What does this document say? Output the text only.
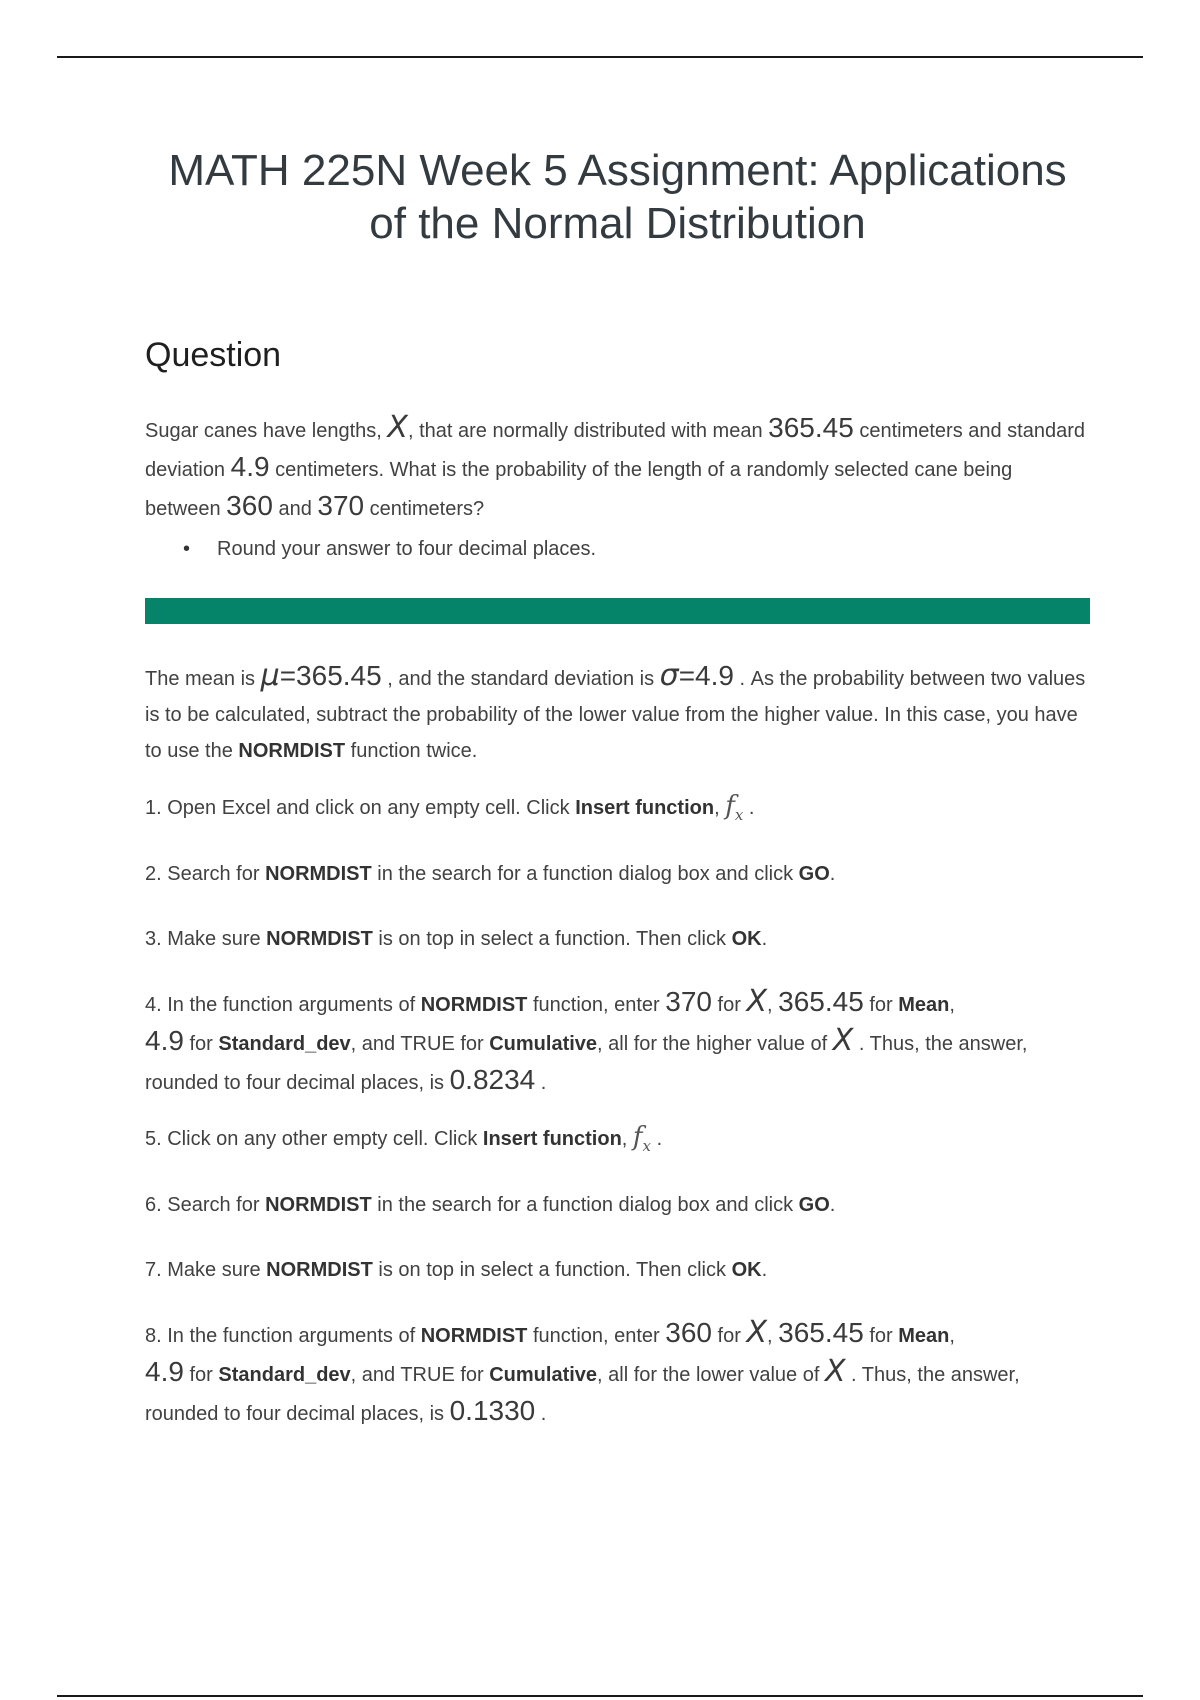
MATH 225N Week 5 Assignment: Applications of the Normal Distribution
Question

Sugar canes have lengths, X, that are normally distributed with mean 365.45 centimeters and standard deviation 4.9 centimeters. What is the probability of the length of a randomly selected cane being between 360 and 370 centimeters?

• Round your answer to four decimal places.

The mean is μ=365.45 , and the standard deviation is σ=4.9 . As the probability between two values is to be calculated, subtract the probability of the lower value from the higher value. In this case, you have to use the NORMDIST function twice.

1. Open Excel and click on any empty cell. Click Insert function, $f_x$ .

2. Search for NORMDIST in the search for a function dialog box and click GO.

3. Make sure NORMDIST is on top in select a function. Then click OK.

4. In the function arguments of NORMDIST function, enter 370 for X, 365.45 for Mean,
4.9 for Standard_dev, and TRUE for Cumulative, all for the higher value of X . Thus, the answer, rounded to four decimal places, is 0.8234 .

5. Click on any other empty cell. Click Insert function, $f_x$ .

6. Search for NORMDIST in the search for a function dialog box and click GO.

7. Make sure NORMDIST is on top in select a function. Then click OK.

8. In the function arguments of NORMDIST function, enter 360 for X, 365.45 for Mean,
4.9 for Standard_dev, and TRUE for Cumulative, all for the lower value of X . Thus, the answer, rounded to four decimal places, is 0.1330 .
